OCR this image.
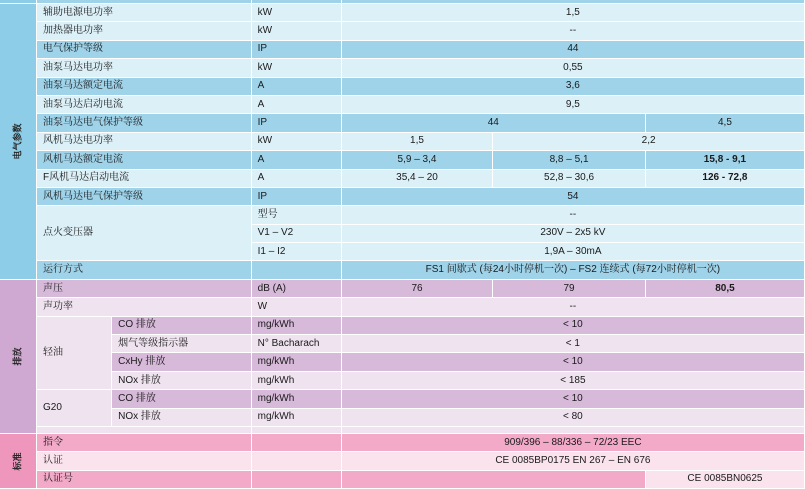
电气参数	辅助电源电功率		kW	1,5		
	加热器电功率		kW	--		
	电气保护等级		IP	44		
	油泵马达电功率		kW	0,55		
	油泵马达额定电流		A	3,6		
	油泵马达启动电流		A	9,5		
	油泵马达电气保护等级		IP	44		4,5
	风机马达电功率		kW	1,5	2,2	
	风机马达额定电流		A	5,9 – 3,4	8,8 – 5,1	15,8 - 9,1
	F风机马达启动电流		A	35,4 – 20	52,8 – 30,6	126 - 72,8
	风机马达电气保护等级		IP	54		
	点火变压器		型号	--		
			V1 – V2	230V – 2x5 kV		
			I1 – I2	1,9A – 30mA		
	运行方式			FS1 间歇式 (每24小时停机一次) – FS2 连续式 (每72小时停机一次)		
排放	声压		dB (A)	76	79	80,5
	声功率		W	--		
	轻油	CO 排放	mg/kWh	< 10		
		烟气等级指示器	N° Bacharach	< 1		
		CxHy 排放	mg/kWh	< 10		
		NOx 排放	mg/kWh	< 185		
	G20	CO 排放	mg/kWh	< 10		
		NOx 排放	mg/kWh	< 80		

标准	指令			909/396 – 88/336 – 72/23 EEC		
	认证			CE 0085BP0175 EN 267 – EN 676		
	认证号					CE 0085BN0625
